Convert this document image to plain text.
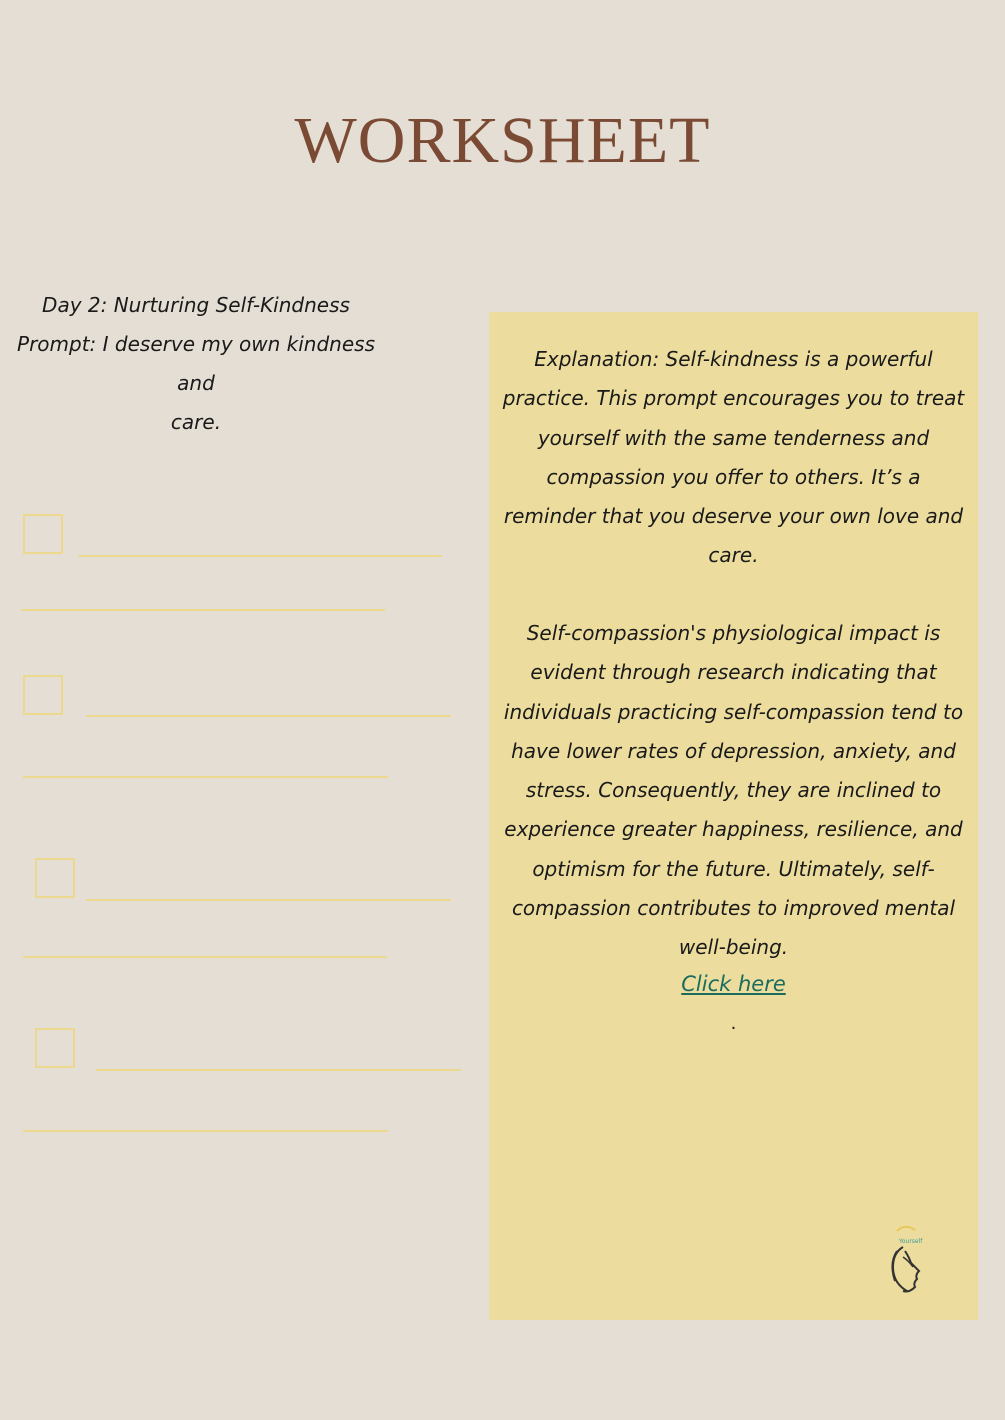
WORKSHEET
Day 2: Nurturing Self-Kindness
Prompt: I deserve my own kindness and
care.

Explanation: Self-kindness is a powerful practice. This prompt encourages you to treat yourself with the same tenderness and compassion you offer to others. It’s a reminder that you deserve your own love and care.

Self-compassion's physiological impact is evident through research indicating that individuals practicing self-compassion tend to have lower rates of depression, anxiety, and stress. Consequently, they are inclined to experience greater happiness, resilience, and optimism for the future. Ultimately, self-compassion contributes to improved mental well-being.

Click here
.
Yourself
